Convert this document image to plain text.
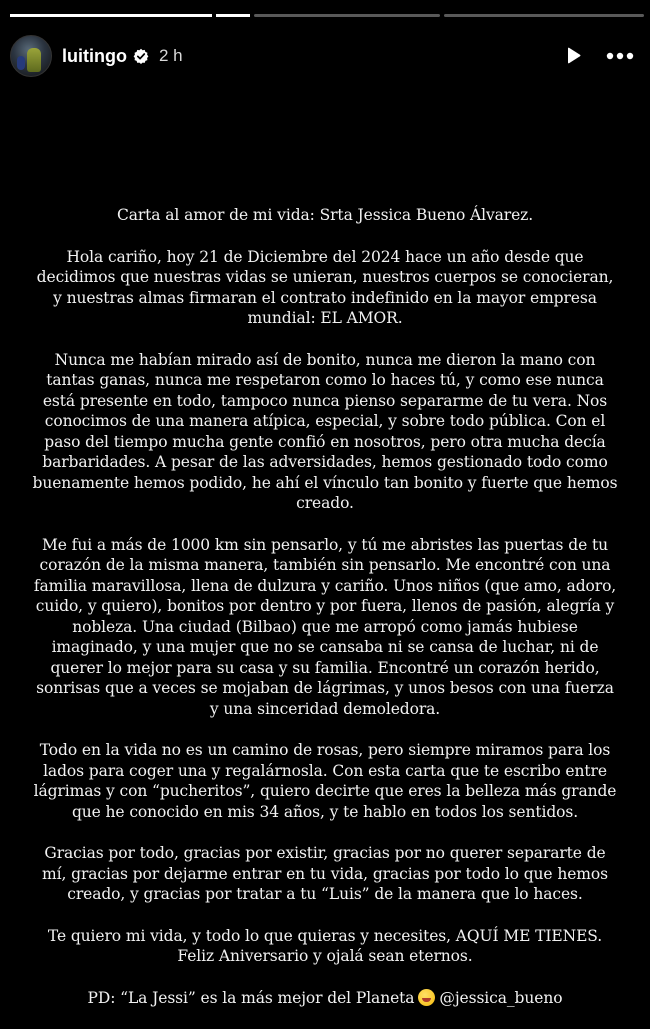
luitingo 2 h

Carta al amor de mi vida: Srta Jessica Bueno Álvarez.

Hola cariño, hoy 21 de Diciembre del 2024 hace un año desde que decidimos que nuestras vidas se unieran, nuestros cuerpos se conocieran, y nuestras almas firmaran el contrato indefinido en la mayor empresa mundial: EL AMOR.

Nunca me habían mirado así de bonito, nunca me dieron la mano con tantas ganas, nunca me respetaron como lo haces tú, y como ese nunca está presente en todo, tampoco nunca pienso separarme de tu vera. Nos conocimos de una manera atípica, especial, y sobre todo pública. Con el paso del tiempo mucha gente confió en nosotros, pero otra mucha decía barbaridades. A pesar de las adversidades, hemos gestionado todo como buenamente hemos podido, he ahí el vínculo tan bonito y fuerte que hemos creado.

Me fui a más de 1000 km sin pensarlo, y tú me abristes las puertas de tu corazón de la misma manera, también sin pensarlo. Me encontré con una familia maravillosa, llena de dulzura y cariño. Unos niños (que amo, adoro, cuido, y quiero), bonitos por dentro y por fuera, llenos de pasión, alegría y nobleza. Una ciudad (Bilbao) que me arropó como jamás hubiese imaginado, y una mujer que no se cansaba ni se cansa de luchar, ni de querer lo mejor para su casa y su familia. Encontré un corazón herido, sonrisas que a veces se mojaban de lágrimas, y unos besos con una fuerza y una sinceridad demoledora.

Todo en la vida no es un camino de rosas, pero siempre miramos para los lados para coger una y regalárnosla. Con esta carta que te escribo entre lágrimas y con “pucheritos”, quiero decirte que eres la belleza más grande que he conocido en mis 34 años, y te hablo en todos los sentidos.

Gracias por todo, gracias por existir, gracias por no querer separarte de mí, gracias por dejarme entrar en tu vida, gracias por todo lo que hemos creado, y gracias por tratar a tu “Luis” de la manera que lo haces.

Te quiero mi vida, y todo lo que quieras y necesites, AQUÍ ME TIENES.
Feliz Aniversario y ojalá sean eternos.

PD: “La Jessi” es la más mejor del Planeta @jessica_bueno
